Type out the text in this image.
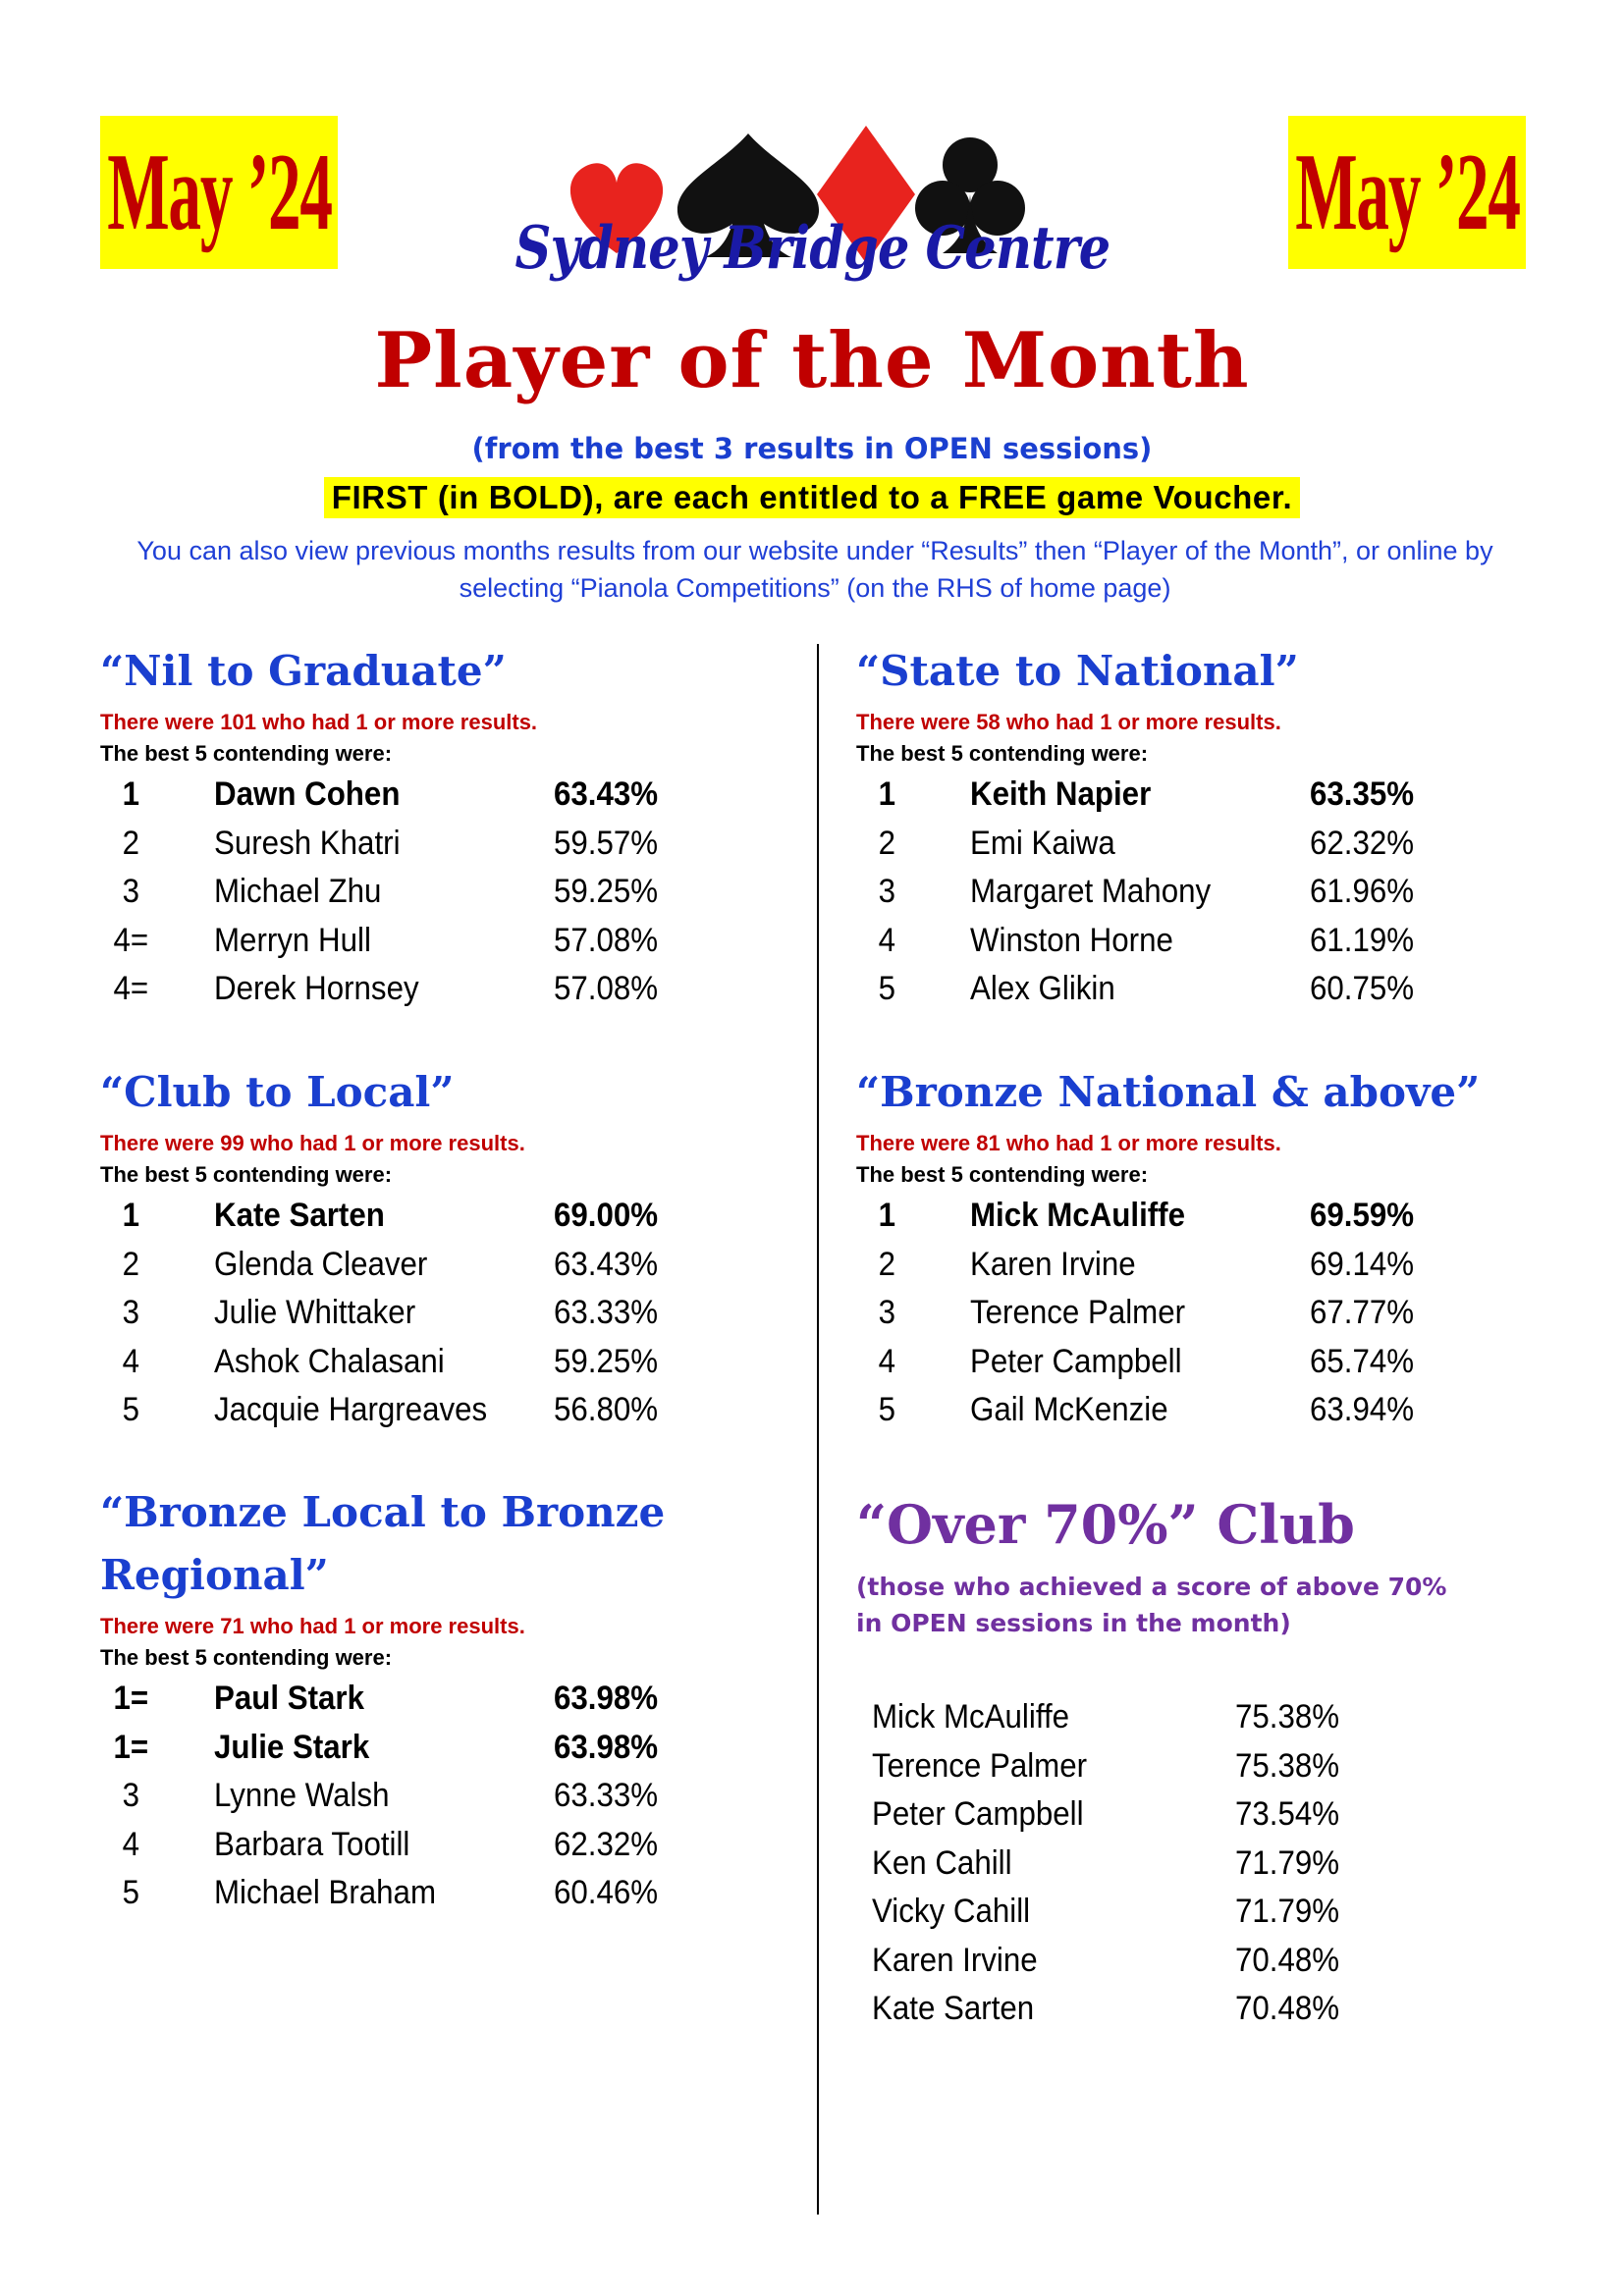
May ’24	May ’24
Sydney Bridge Centre
Player of the Month
(from the best 3 results in OPEN sessions)
FIRST (in BOLD), are each entitled to a FREE game Voucher.
You can also view previous months results from our website under “Results” then “Player of the Month”, or online by selecting “Pianola Competitions” (on the RHS of home page)
“Nil to Graduate”
There were 101 who had 1 or more results.
The best 5 contending were:
1	Dawn Cohen	63.43%
2	Suresh Khatri	59.57%
3	Michael Zhu	59.25%
4=	Merryn Hull	57.08%
4=	Derek Hornsey	57.08%
“Club to Local”
There were 99 who had 1 or more results.
The best 5 contending were:
1	Kate Sarten	69.00%
2	Glenda Cleaver	63.43%
3	Julie Whittaker	63.33%
4	Ashok Chalasani	59.25%
5	Jacquie Hargreaves 56.80%
“Bronze Local to Bronze Regional”
There were 71 who had 1 or more results.
The best 5 contending were:
1=	Paul Stark	63.98%
1=	Julie Stark	63.98%
3	Lynne Walsh	63.33%
4	Barbara Tootill	62.32%
5	Michael Braham	60.46%
“State to National”
There were 58 who had 1 or more results.
The best 5 contending were:
1	Keith Napier	63.35%
2	Emi Kaiwa	62.32%
3	Margaret Mahony	61.96%
4	Winston Horne	61.19%
5	Alex Glikin	60.75%
“Bronze National & above”
There were 81 who had 1 or more results.
The best 5 contending were:
1	Mick McAuliffe	69.59%
2	Karen Irvine	69.14%
3	Terence Palmer	67.77%
4	Peter Campbell	65.74%
5	Gail McKenzie	63.94%
“Over 70%” Club
(those who achieved a score of above 70% in OPEN sessions in the month)
Mick McAuliffe	75.38%
Terence Palmer	75.38%
Peter Campbell	73.54%
Ken Cahill	71.79%
Vicky Cahill	71.79%
Karen Irvine	70.48%
Kate Sarten	70.48%
